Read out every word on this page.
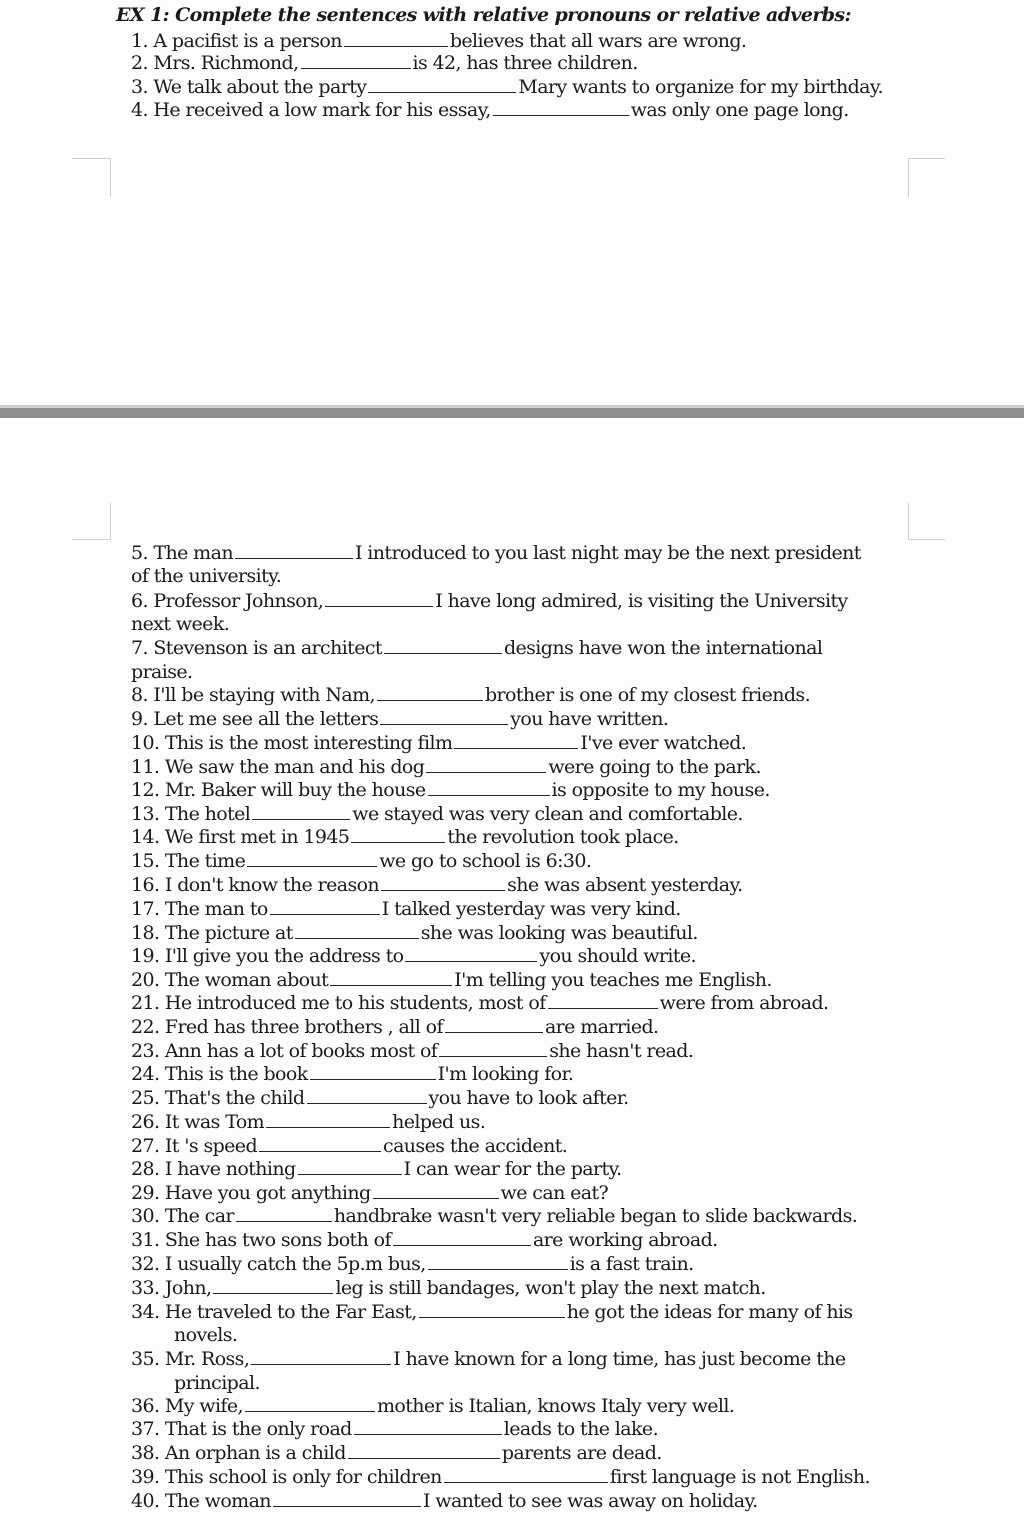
EX 1: Complete the sentences with relative pronouns or relative adverbs:
1. A pacifist is a person	believes that all wars are wrong.
2. Mrs. Richmond,	is 42, has three children.
3. We talk about the party	Mary wants to organize for my birthday.
4. He received a low mark for his essay,	was only one page long.
5. The man	I introduced to you last night may be the next president
of the university.
6. Professor Johnson,	I have long admired, is visiting the University
next week.
7. Stevenson is an architect	designs have won the international
praise.
8. I'll be staying with Nam,	brother is one of my closest friends.
9. Let me see all the letters	you have written.
10. This is the most interesting film	I've ever watched.
11. We saw the man and his dog	were going to the park.
12. Mr. Baker will buy the house	is opposite to my house.
13. The hotel	we stayed was very clean and comfortable.
14. We first met in 1945	the revolution took place.
15. The time	we go to school is 6:30.
16. I don't know the reason	she was absent yesterday.
17. The man to	I talked yesterday was very kind.
18. The picture at	she was looking was beautiful.
19. I'll give you the address to	you should write.
20. The woman about	I'm telling you teaches me English.
21. He introduced me to his students, most of	were from abroad.
22. Fred has three brothers , all of	are married.
23. Ann has a lot of books most of	she hasn't read.
24. This is the book	I'm looking for.
25. That's the child	you have to look after.
26. It was Tom	helped us.
27. It 's speed	causes the accident.
28. I have nothing	I can wear for the party.
29. Have you got anything	we can eat?
30. The car	handbrake wasn't very reliable began to slide backwards.
31. She has two sons both of	are working abroad.
32. I usually catch the 5p.m bus,	is a fast train.
33. John,	leg is still bandages, won't play the next match.
34. He traveled to the Far East,	he got the ideas for many of his
novels.
35. Mr. Ross,	I have known for a long time, has just become the
principal.
36. My wife,	mother is Italian, knows Italy very well.
37. That is the only road	leads to the lake.
38. An orphan is a child	parents are dead.
39. This school is only for children	first language is not English.
40. The woman	I wanted to see was away on holiday.
